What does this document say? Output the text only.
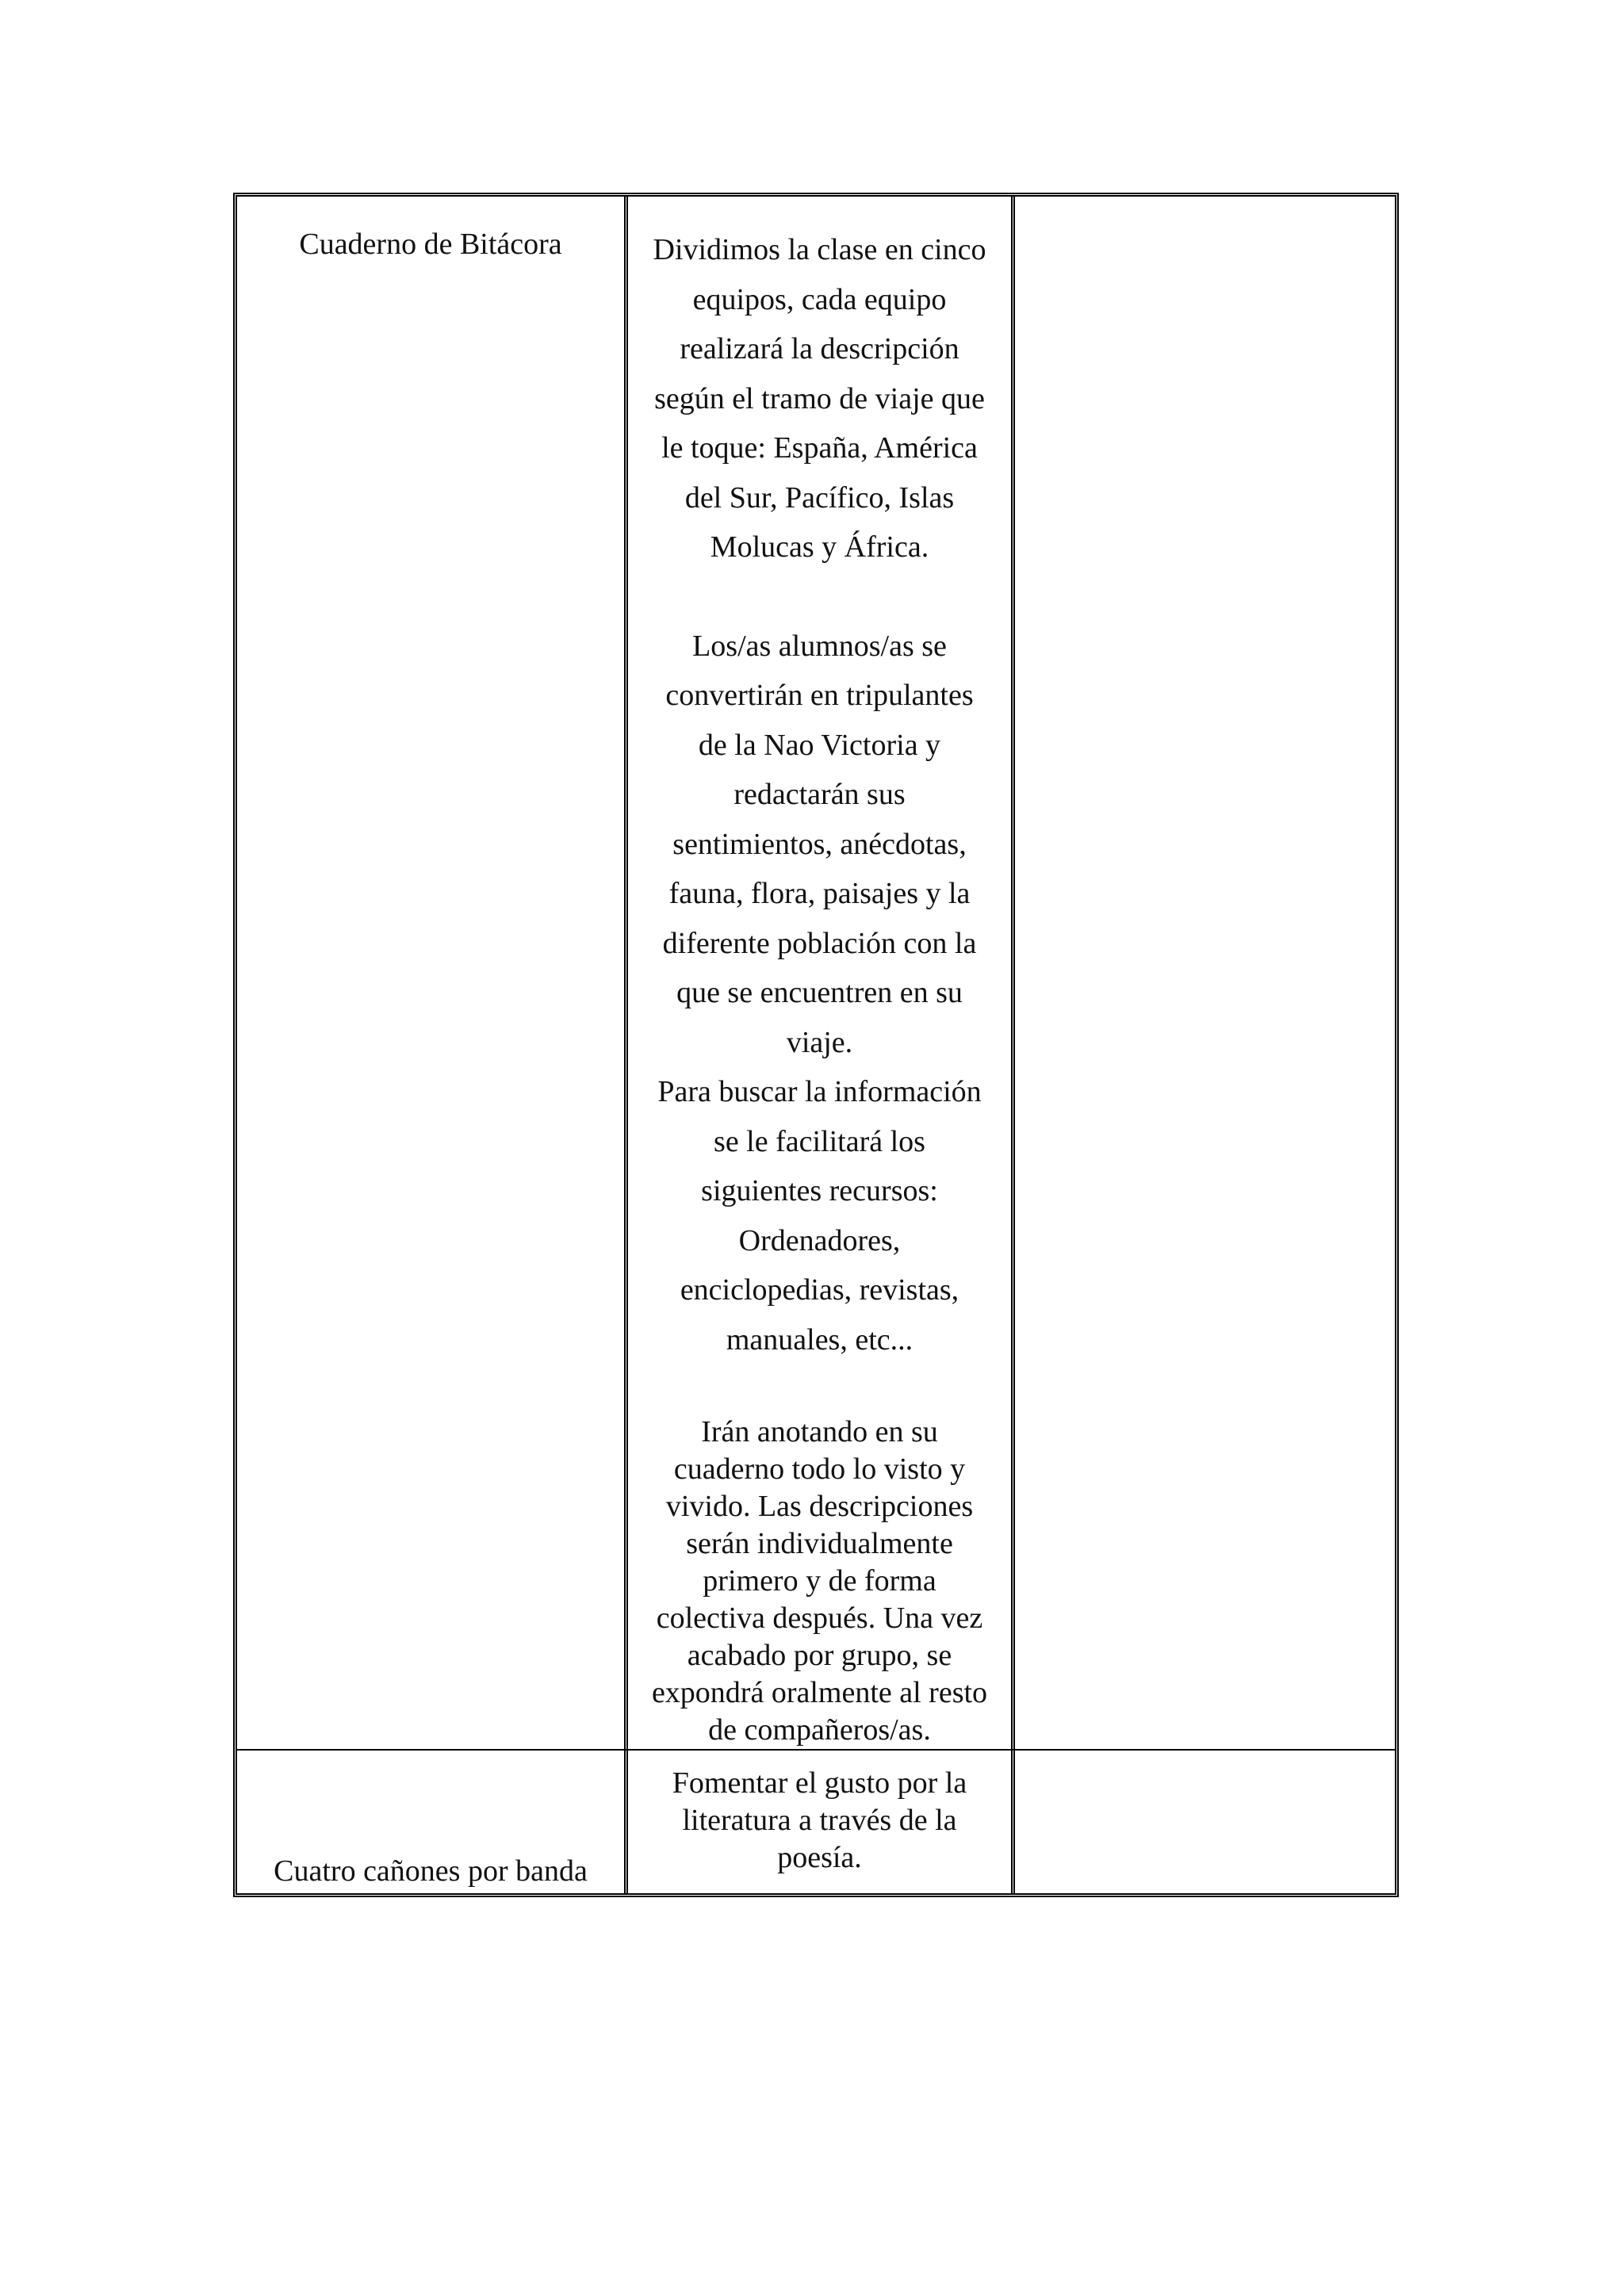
Cuaderno de Bitácora	Dividimos la clase en cinco
equipos, cada equipo
realizará la descripción
según el tramo de viaje que
le toque: España, América
del Sur, Pacífico, Islas
Molucas y África.
Los/as alumnos/as se
convertirán en tripulantes
de la Nao Victoria y
redactarán sus
sentimientos, anécdotas,
fauna, flora, paisajes y la
diferente población con la
que se encuentren en su
viaje.
Para buscar la información
se le facilitará los
siguientes recursos:
Ordenadores,
enciclopedias, revistas,
manuales, etc...
Irán anotando en su
cuaderno todo lo visto y
vivido. Las descripciones
serán individualmente
primero y de forma
colectiva después. Una vez
acabado por grupo, se
expondrá oralmente al resto
de compañeros/as.
Cuatro cañones por banda
Fomentar el gusto por la
literatura a través de la
poesía.
